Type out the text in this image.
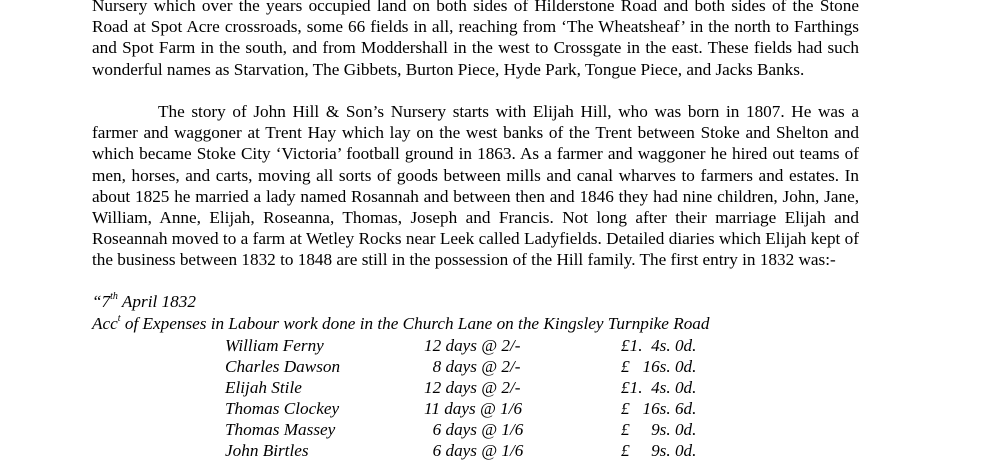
Nursery which over the years occupied land on both sides of Hilderstone Road and both sides of the Stone Road at Spot Acre crossroads, some 66 fields in all, reaching from ‘The Wheatsheaf’ in the north to Farthings and Spot Farm in the south, and from Moddershall in the west to Crossgate in the east. These fields had such wonderful names as Starvation, The Gibbets, Burton Piece, Hyde Park, Tongue Piece, and Jacks Banks.

The story of John Hill & Son’s Nursery starts with Elijah Hill, who was born in 1807. He was a farmer and waggoner at Trent Hay which lay on the west banks of the Trent between Stoke and Shelton and which became Stoke City ‘Victoria’ football ground in 1863. As a farmer and waggoner he hired out teams of men, horses, and carts, moving all sorts of goods between mills and canal wharves to farmers and estates. In about 1825 he married a lady named Rosannah and between then and 1846 they had nine children, John, Jane, William, Anne, Elijah, Roseanna, Thomas, Joseph and Francis. Not long after their marriage Elijah and Roseannah moved to a farm at Wetley Rocks near Leek called Ladyfields. Detailed diaries which Elijah kept of the business between 1832 to 1848 are still in the possession of the Hill family. The first entry in 1832 was:-

“7th April 1832
Acc$^t$ of Expenses in Labour work done in the Church Lane on the Kingsley Turnpike Road
William Ferny	12 days @ 2/-	£1.  4s. 0d.
Charles Dawson	8 days @ 2/-	£   16s. 0d.
Elijah Stile	12 days @ 2/-	£1.  4s. 0d.
Thomas Clockey	11 days @ 1/6	£   16s. 6d.
Thomas Massey	6 days @ 1/6	£     9s. 0d.
John Birtles	6 days @ 1/6	£     9s. 0d.
